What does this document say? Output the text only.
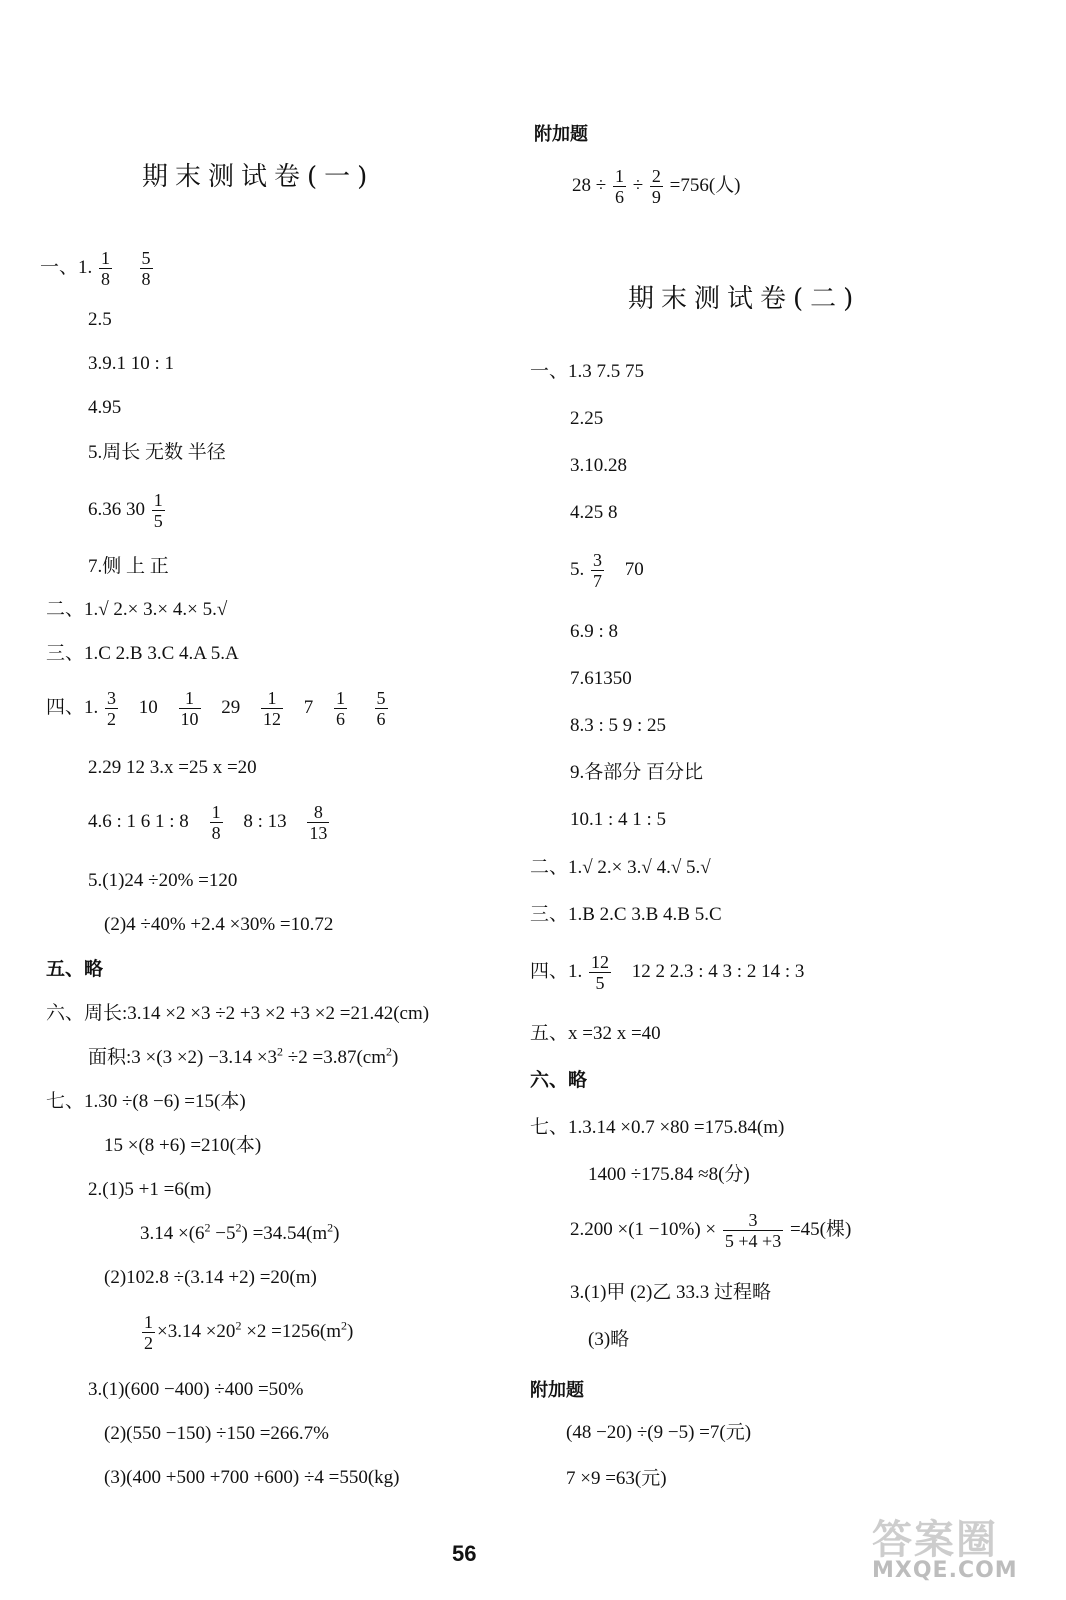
期末测试卷(一)
一、1. $\frac{1}{8}$
$\frac{5}{8}$
2.5
3.9.1 10 : 1
4.95
5.周长 无数 半径
6.36 $30 \frac{1}{5}$
7.侧 上 正
二、1.√ 2.× 3.× 4.× 5.√
三、1.C 2.B 3.C 4.A 5.A
四、1. $\frac{3}{2} 10 \frac{1}{10} 29 \frac{1}{12} 7 \frac{1}{6}$
$\frac{5}{6}$
2.29 12 3.x =25 x =20
4.6 : 1 6 1 : $8 \frac{1}{8} 8$ : $13 \frac{8}{13}$
5.(1)24 ÷20% =120
(2)4 ÷40% +2.4 ×30% =10.72
五、略
六、周长:3.14 ×2 ×3 ÷2 +3 ×2 +3 ×2 =21.42(cm)
面积:3 $\times(3 \times 2) -3.14 \times 3^2 \div 2 =3.87(cm^2)$
七、1.30 ÷(8 −6) =15(本)
15 ×(8 +6) =210(本)
2.(1)5 +1 =6(m)
$3.14 \times(6^2 -5^2) =34.54(m^2)$
(2)102.8 ÷(3.14 +2) =20(m)
$\frac{1}{2} \times 3.14 \times 20^2 \times 2 =1256(m^2)$
3.(1)(600 −400) ÷400 =50%
(2)(550 −150) ÷150 =266.7%
(3)(400 +500 +700 +600) ÷4 =550(kg)
附加题
$28 \div \frac{1}{6} \div \frac{2}{9} =756$(人)
期末测试卷(二)
一、1.3 7.5 75
2.25
3.10.28
4.25 8
5. $\frac{3}{7} 70$
6.9 : 8
7.61350
8.3 : 5 9 : 25
9.各部分 百分比
10.1 : 4 1 : 5
二、1.√ 2.× 3.√ 4.√ 5.√
三、1.B 2.C 3.B 4.B 5.C
四、1. $\frac{12}{5} 12$ 2 2.3 : 4 3 : 2 14 : 3
五、x =32 x =40
六、略
七、1.3.14 ×0.7 ×80 =175.84(m)
1400 ÷175.84 ≈8(分)
$2.200 \times(1 -10\%) \times \frac{3}{5 +4 +3} =45$(棵)
3.(1)甲 (2)乙 33.3 过程略
(3)略
附加题
(48 −20) ÷(9 −5) =7(元)
7 ×9 =63(元)
56	答案圈
MXQE.COM
